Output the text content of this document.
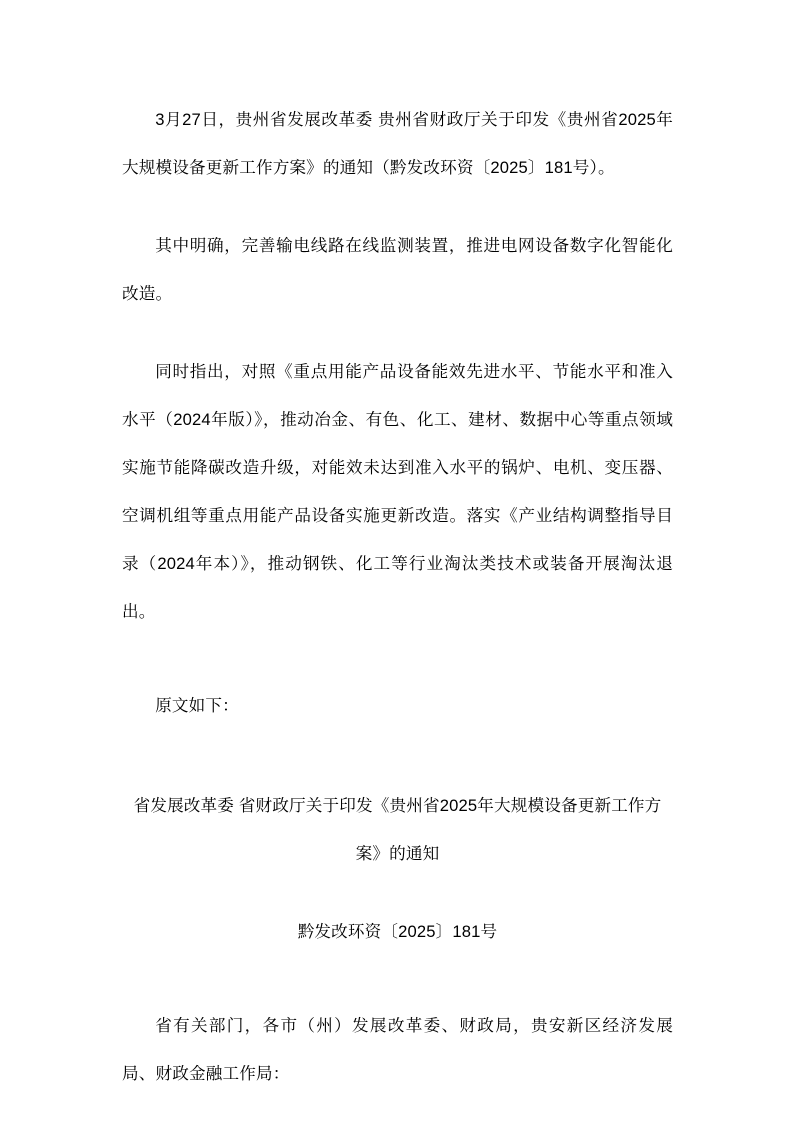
3月27日，贵州省发展改革委 贵州省财政厅关于印发《贵州省2025年大规模设备更新工作方案》的通知（黔发改环资〔2025〕181号）。

其中明确，完善输电线路在线监测装置，推进电网设备数字化智能化改造。

同时指出，对照《重点用能产品设备能效先进水平、节能水平和准入水平（2024年版）》，推动冶金、有色、化工、建材、数据中心等重点领域实施节能降碳改造升级，对能效未达到准入水平的锅炉、电机、变压器、空调机组等重点用能产品设备实施更新改造。落实《产业结构调整指导目录（2024年本）》，推动钢铁、化工等行业淘汰类技术或装备开展淘汰退出。

原文如下：

省发展改革委 省财政厅关于印发《贵州省2025年大规模设备更新工作方案》的通知

黔发改环资〔2025〕181号

省有关部门，各市（州）发展改革委、财政局，贵安新区经济发展局、财政金融工作局：
